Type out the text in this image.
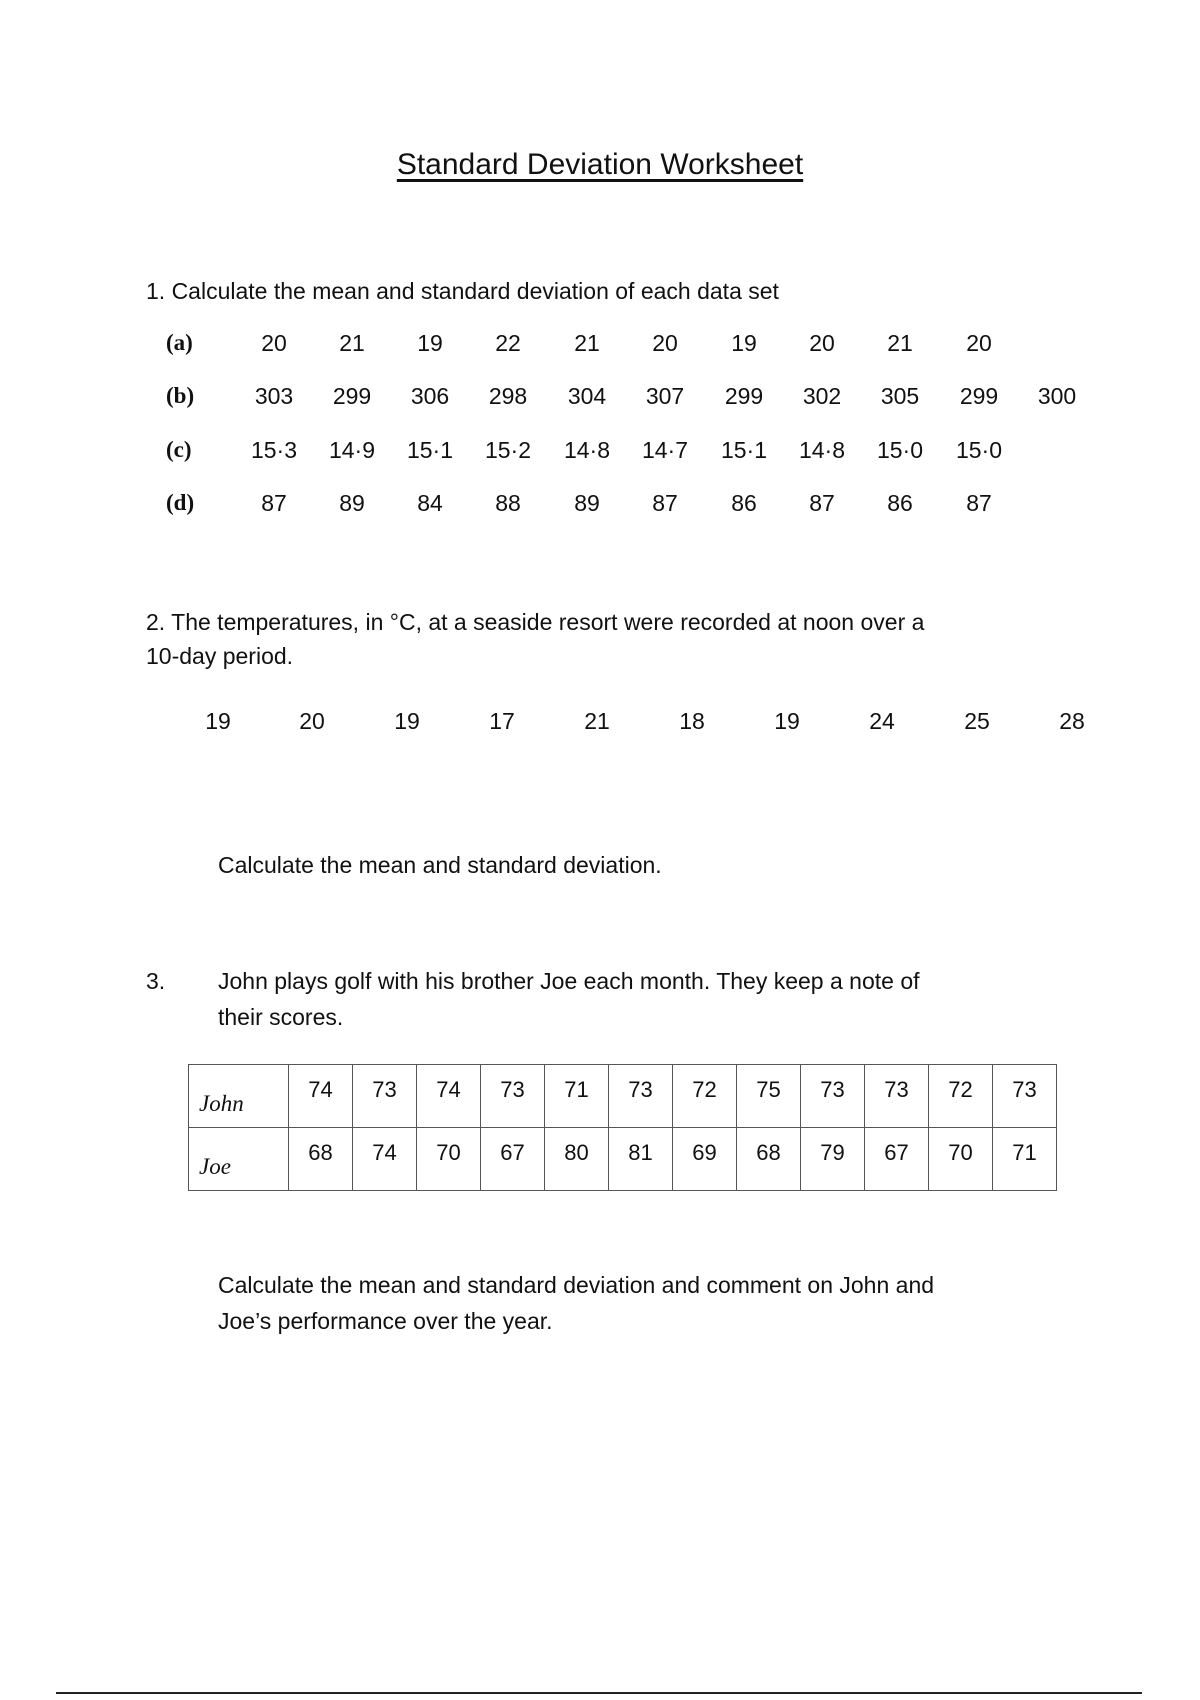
Standard Deviation Worksheet
1. Calculate the mean and standard deviation of each data set
(a)	20	21	19	22	21	20	19	20	21	20
(b)	303	299	306	298	304	307	299	302	305	299	300
(c)	15·3	14·9	15·1	15·2	14·8	14·7	15·1	14·8	15·0	15·0
(d)	87	89	84	88	89	87	86	87	86	87
2. The temperatures, in °C, at a seaside resort were recorded at noon over a
10-day period.
19	20	19	17	21	18	19	24	25	28
Calculate the mean and standard deviation.
3. John plays golf with his brother Joe each month. They keep a note of
their scores.
John	74	73	74	73	71	73	72	75	73	73	72	73
Joe	68	74	70	67	80	81	69	68	79	67	70	71
Calculate the mean and standard deviation and comment on John and
Joe’s performance over the year.
